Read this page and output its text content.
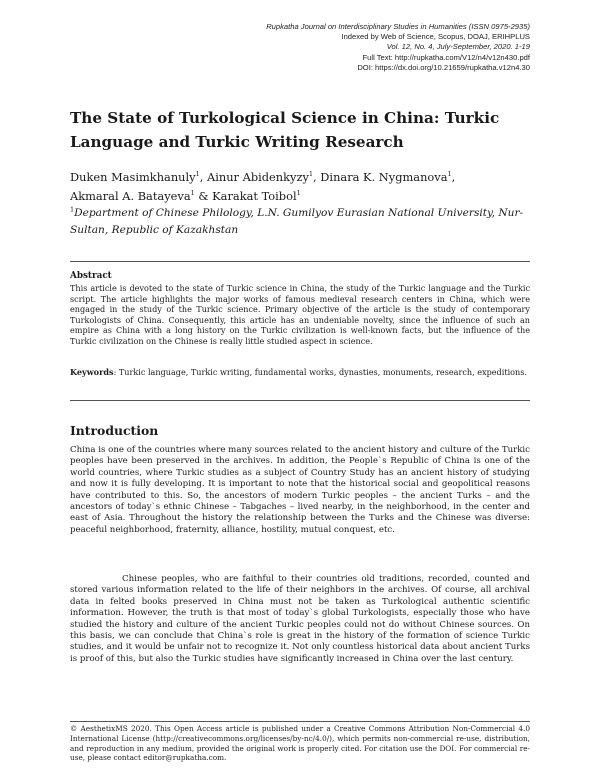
Rupkatha Journal on Interdisciplinary Studies in Humanities (ISSN 0975-2935)
Indexed by Web of Science, Scopus, DOAJ, ERIHPLUS
Vol. 12, No. 4, July-September, 2020. 1-19
Full Text: http://rupkatha.com/V12/n4/v12n430.pdf
DOI: https://dx.doi.org/10.21659/rupkatha.v12n4.30
The State of Turkological Science in China: Turkic Language and Turkic Writing Research
Duken Masimkhanuly$^1$, Ainur Abidenkyzy$^1$, Dinara K. Nygmanova$^1$,
Akmaral A. Batayeva$^1$ & Karakat Toibol$^1$
$^1$Department of Chinese Philology, L.N. Gumilyov Eurasian National University, Nur-Sultan, Republic of Kazakhstan
Abstract

This article is devoted to the state of Turkic science in China, the study of the Turkic language and the Turkic script. The article highlights the major works of famous medieval research centers in China, which were engaged in the study of the Turkic science. Primary objective of the article is the study of contemporary Turkologists of China. Consequently, this article has an undeniable novelty, since the influence of such an empire as China with a long history on the Turkic civilization is well-known facts, but the influence of the Turkic civilization on the Chinese is really little studied aspect in science.

Keywords: Turkic language, Turkic writing, fundamental works, dynasties, monuments, research, expeditions.

Introduction

China is one of the countries where many sources related to the ancient history and culture of the Turkic peoples have been preserved in the archives. In addition, the People`s Republic of China is one of the world countries, where Turkic studies as a subject of Country Study has an ancient history of studying and now it is fully developing. It is important to note that the historical social and geopolitical reasons have contributed to this. So, the ancestors of modern Turkic peoples – the ancient Turks – and the ancestors of today`s ethnic Chinese – Tabgaches – lived nearby, in the neighborhood, in the center and east of Asia. Throughout the history the relationship between the Turks and the Chinese was diverse: peaceful neighborhood, fraternity, alliance, hostility, mutual conquest, etc.

Chinese peoples, who are faithful to their countries old traditions, recorded, counted and stored various information related to the life of their neighbors in the archives. Of course, all archival data in felted books preserved in China must not be taken as Turkological authentic scientific information. However, the truth is that most of today`s global Turkologists, especially those who have studied the history and culture of the ancient Turkic peoples could not do without Chinese sources. On this basis, we can conclude that China`s role is great in the history of the formation of science Turkic studies, and it would be unfair not to recognize it. Not only countless historical data about ancient Turks is proof of this, but also the Turkic studies have significantly increased in China over the last century.

© AesthetixMS 2020. This Open Access article is published under a Creative Commons Attribution Non-Commercial 4.0 International License (http://creativecommons.org/licenses/by-nc/4.0/), which permits non-commercial re-use, distribution, and reproduction in any medium, provided the original work is properly cited. For citation use the DOI. For commercial re-use, please contact editor@rupkatha.com.
